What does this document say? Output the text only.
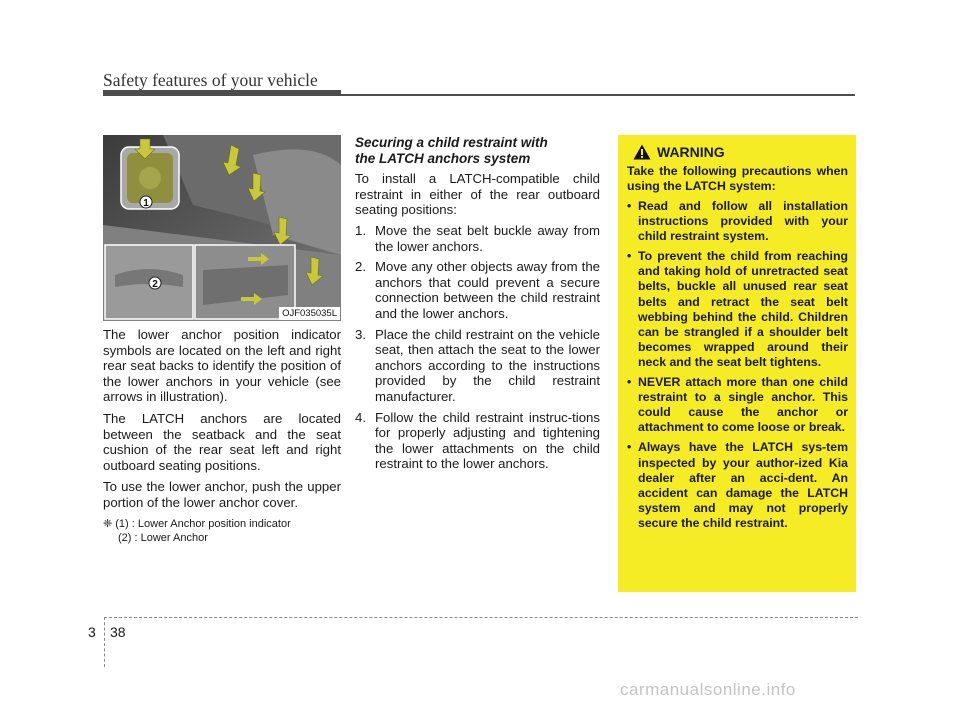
Safety features of your vehicle
1
2
OJF035035L

The lower anchor position indicator symbols are located on the left and right rear seat backs to identify the position of the lower anchors in your vehicle (see arrows in illustration).

The LATCH anchors are located between the seatback and the seat cushion of the rear seat left and right outboard seating positions.

To use the lower anchor, push the upper portion of the lower anchor cover.

❈ (1) : Lower Anchor position indicator
(2) : Lower Anchor
Securing a child restraint with
the LATCH anchors system

To install a LATCH-compatible child restraint in either of the rear outboard seating positions:

1. Move the seat belt buckle away from the lower anchors.
2. Move any other objects away from the anchors that could prevent a secure connection between the child restraint and the lower anchors.
3. Place the child restraint on the vehicle seat, then attach the seat to the lower anchors according to the instructions provided by the child restraint manufacturer.
4. Follow the child restraint instruc-tions for properly adjusting and tightening the lower attachments on the child restraint to the lower anchors.
WARNING
Take the following precautions when using the LATCH system:
• Read and follow all installation instructions provided with your child restraint system.
• To prevent the child from reaching and taking hold of unretracted seat belts, buckle all unused rear seat belts and retract the seat belt webbing behind the child. Children can be strangled if a shoulder belt becomes wrapped around their neck and the seat belt tightens.
• NEVER attach more than one child restraint to a single anchor. This could cause the anchor or attachment to come loose or break.
• Always have the LATCH sys-tem inspected by your author-ized Kia dealer after an acci-dent. An accident can damage the LATCH system and may not properly secure the child restraint.
3 38
carmanualsonline.info
